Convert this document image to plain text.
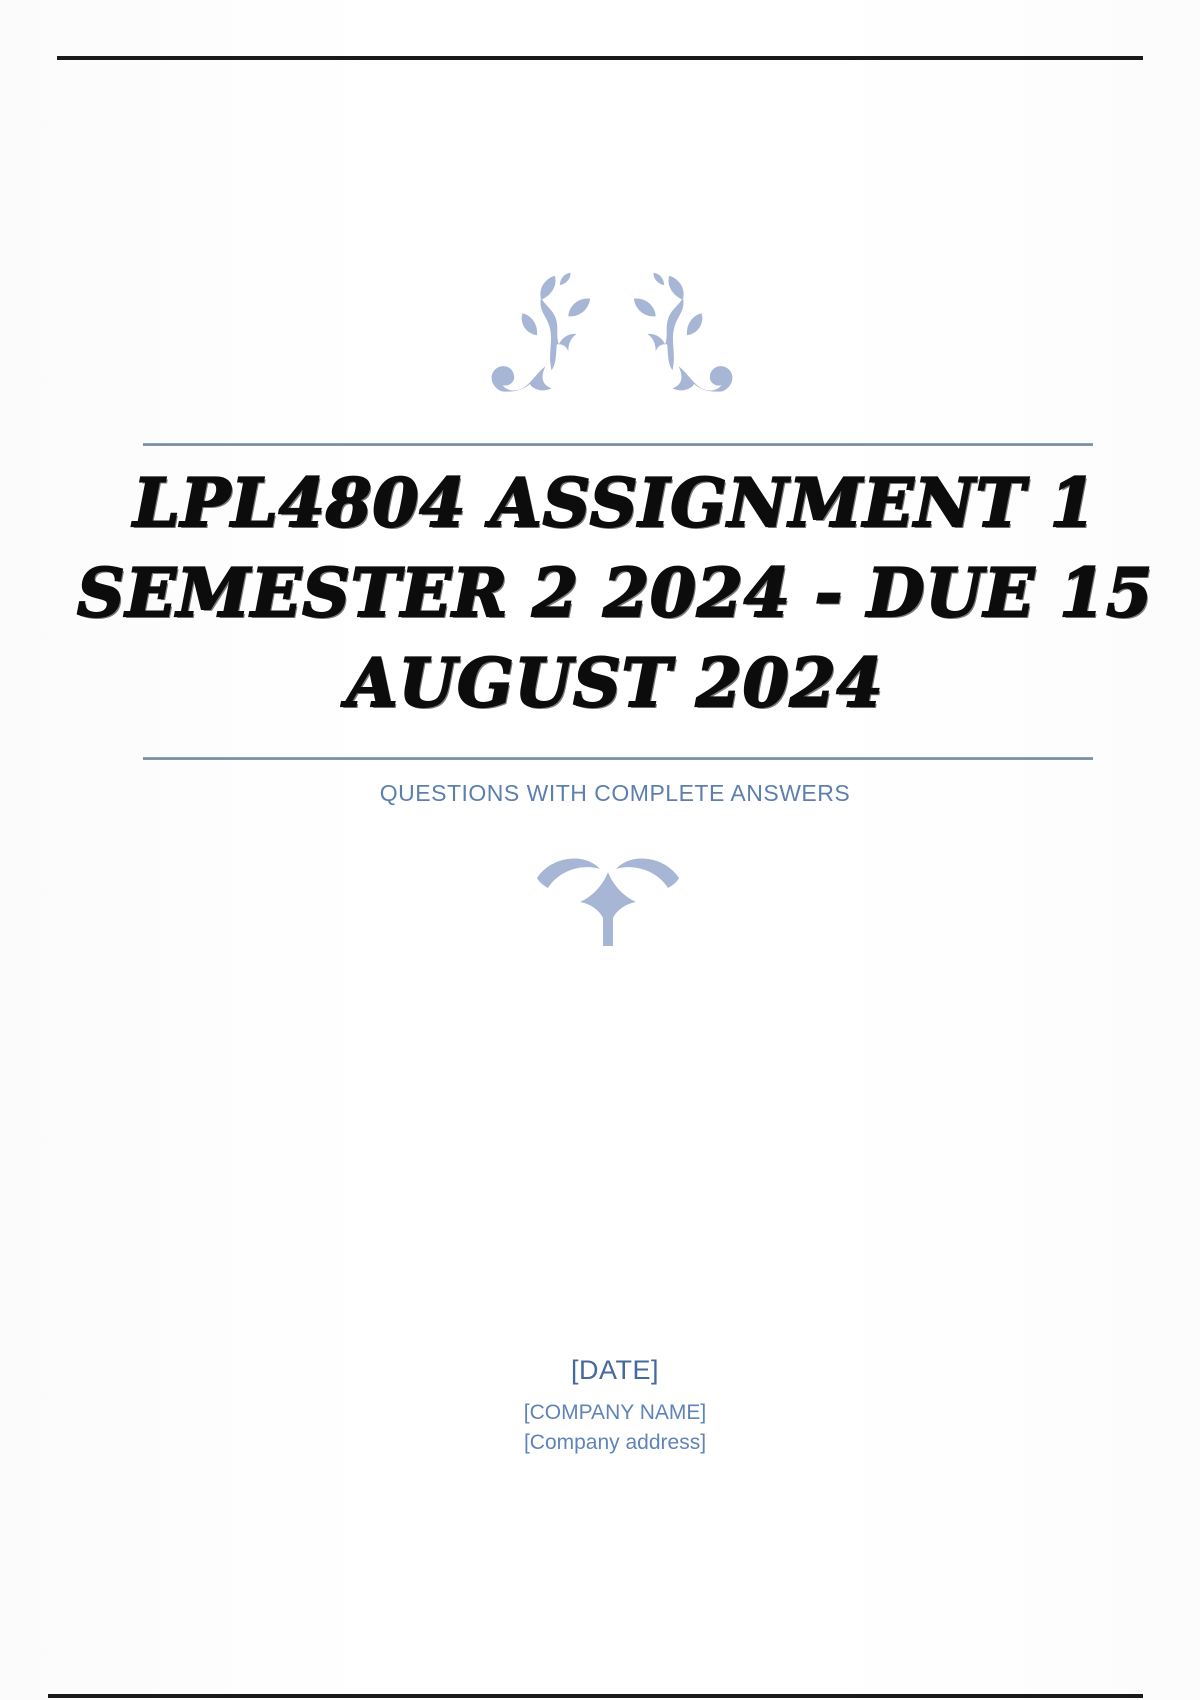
LPL4804 ASSIGNMENT 1
SEMESTER 2 2024 - DUE 15
AUGUST 2024
QUESTIONS WITH COMPLETE ANSWERS
[DATE]
[COMPANY NAME]
[Company address]
